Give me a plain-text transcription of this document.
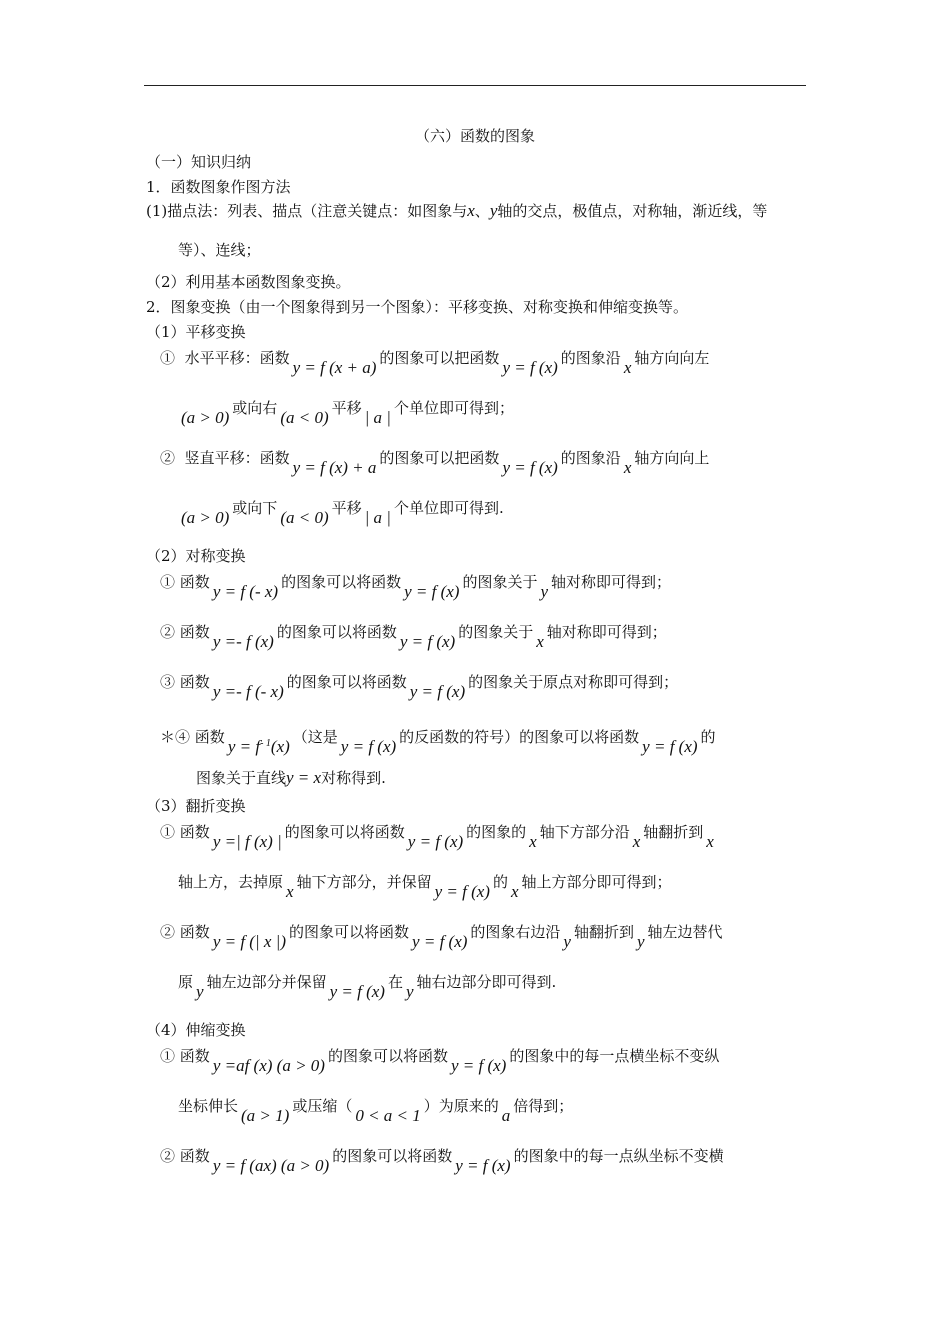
（六）函数的图象
（一）知识归纳
1．函数图象作图方法
(1)描点法：列表、描点（注意关键点：如图象与x、y轴的交点，极值点，对称轴，渐近线，等
等）、连线；
（2）利用基本函数图象变换。
2．图象变换（由一个图象得到另一个图象）：平移变换、对称变换和伸缩变换等。
（1）平移变换
① 水平平移：函数 y = f (x + a) 的图象可以把函数 y = f (x) 的图象沿 x 轴方向向左
(a > 0) 或向右 (a < 0) 平移 | a | 个单位即可得到；
② 竖直平移：函数 y = f (x) + a 的图象可以把函数 y = f (x) 的图象沿 x 轴方向向上
(a > 0) 或向下 (a < 0) 平移 | a | 个单位即可得到.
（2）对称变换
① 函数 y = f (- x) 的图象可以将函数 y = f (x) 的图象关于 y 轴对称即可得到；
② 函数 y =- f (x) 的图象可以将函数 y = f (x) 的图象关于 x 轴对称即可得到；
③ 函数 y =- f (- x) 的图象可以将函数 y = f (x) 的图象关于原点对称即可得到；
＊④ 函数 $y = f^{- 1}(x)$ （这是 y = f (x) 的反函数的符号）的图象可以将函数 y = f (x) 的
图象关于直线y = x对称得到.
（3）翻折变换
① 函数 y =| f (x) | 的图象可以将函数 y = f (x) 的图象的 x 轴下方部分沿 x 轴翻折到 x
轴上方，去掉原 x 轴下方部分，并保留 y = f (x) 的 x 轴上方部分即可得到；
② 函数 y = f (| x |) 的图象可以将函数 y = f (x) 的图象右边沿 y 轴翻折到 y 轴左边替代
原 y 轴左边部分并保留 y = f (x) 在 y 轴右边部分即可得到.
（4）伸缩变换
① 函数 y =af (x) (a > 0) 的图象可以将函数 y = f (x) 的图象中的每一点横坐标不变纵
坐标伸长 (a > 1) 或压缩（ 0 < a < 1 ）为原来的 a 倍得到；
② 函数 y = f (ax) (a > 0) 的图象可以将函数 y = f (x) 的图象中的每一点纵坐标不变横
